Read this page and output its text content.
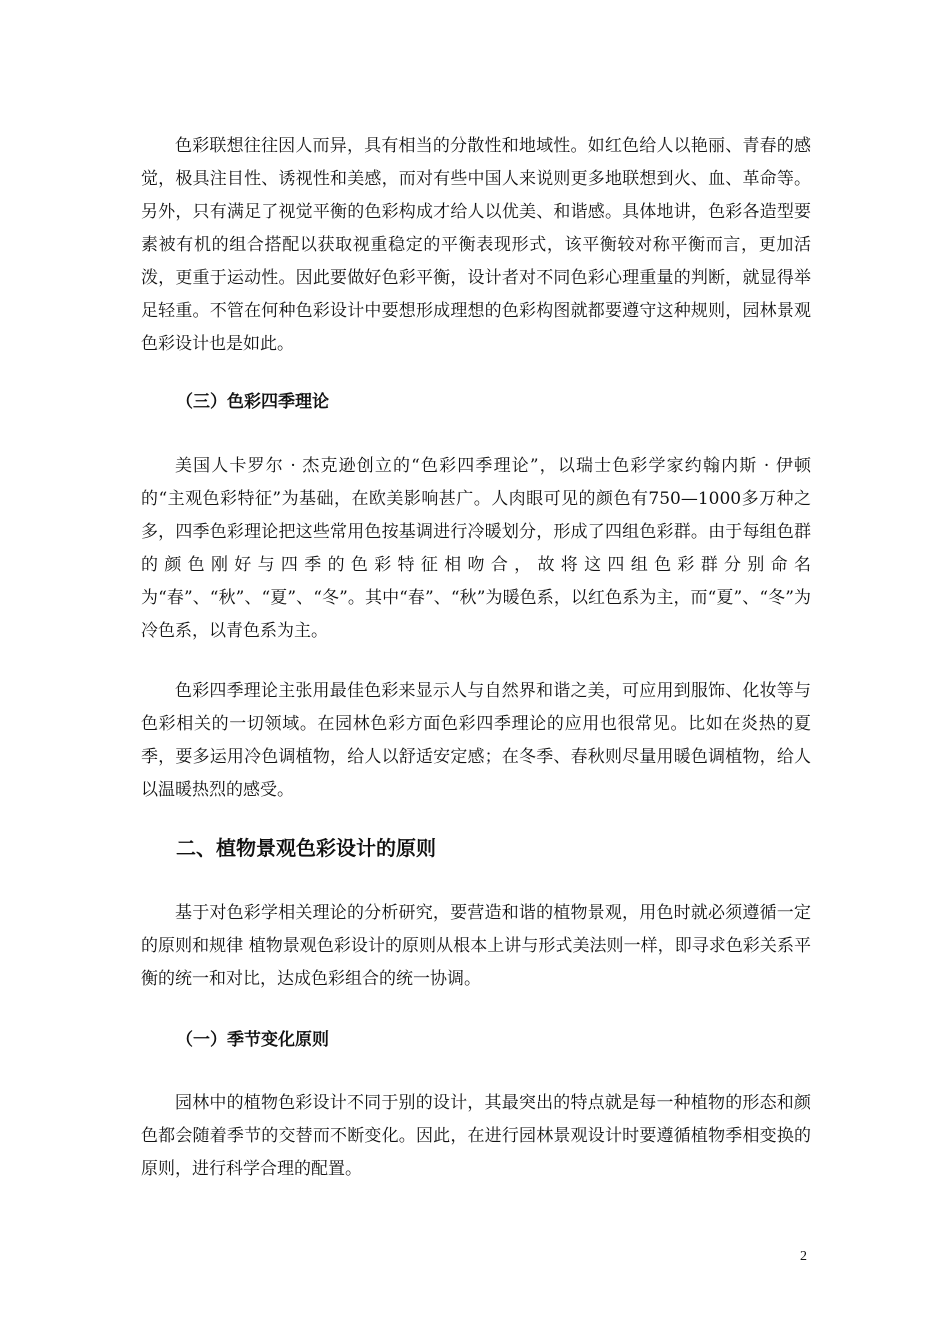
色彩联想往往因人而异，具有相当的分散性和地域性。如红色给人以艳丽、青春的感觉，极具注目性、诱视性和美感，而对有些中国人来说则更多地联想到火、血、革命等。另外，只有满足了视觉平衡的色彩构成才给人以优美、和谐感。具体地讲，色彩各造型要素被有机的组合搭配以获取视重稳定的平衡表现形式，该平衡较对称平衡而言，更加活泼，更重于运动性。因此要做好色彩平衡，设计者对不同色彩心理重量的判断，就显得举足轻重。不管在何种色彩设计中要想形成理想的色彩构图就都要遵守这种规则，园林景观色彩设计也是如此。

（三）色彩四季理论

美国人卡罗尔 · 杰克逊创立的“色彩四季理论”，以瑞士色彩学家约翰内斯 · 伊顿的“主观色彩特征”为基础，在欧美影响甚广。人肉眼可见的颜色有750—1000多万种之多，四季色彩理论把这些常用色按基调进行冷暖划分，形成了四组色彩群。由于每组色群的颜色刚好与四季的色彩特征相吻合，故将这四组色彩群分别命名为“春”、“秋”、“夏”、“冬”。其中“春”、“秋”为暖色系，以红色系为主，而“夏”、“冬”为冷色系，以青色系为主。

色彩四季理论主张用最佳色彩来显示人与自然界和谐之美，可应用到服饰、化妆等与色彩相关的一切领域。在园林色彩方面色彩四季理论的应用也很常见。比如在炎热的夏季，要多运用冷色调植物，给人以舒适安定感；在冬季、春秋则尽量用暖色调植物，给人以温暖热烈的感受。

二、植物景观色彩设计的原则

基于对色彩学相关理论的分析研究，要营造和谐的植物景观，用色时就必须遵循一定的原则和规律 植物景观色彩设计的原则从根本上讲与形式美法则一样，即寻求色彩关系平衡的统一和对比，达成色彩组合的统一协调。

（一）季节变化原则

园林中的植物色彩设计不同于别的设计，其最突出的特点就是每一种植物的形态和颜色都会随着季节的交替而不断变化。因此，在进行园林景观设计时要遵循植物季相变换的原则，进行科学合理的配置。

2
